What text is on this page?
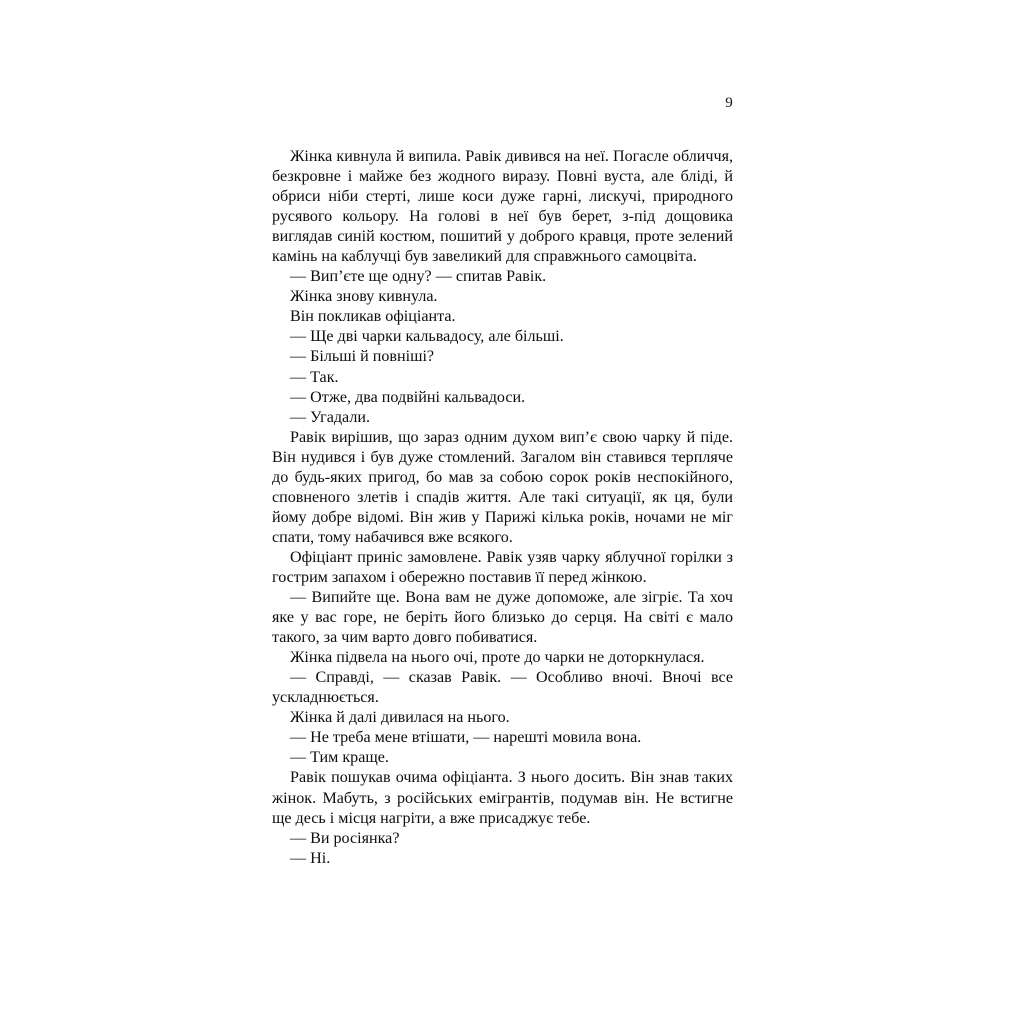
9

Жінка кивнула й випила. Равік дивився на неї. Погасле обличчя, безкровне і майже без жодного виразу. Повні вуста, але бліді, й обриси ніби стерті, лише коси дуже гарні, лискучі, природного русявого кольору. На голові в неї був берет, з-під дощовика виглядав синій костюм, пошитий у доброго кравця, проте зелений камінь на каблучці був завеликий для справжнього самоцвіта.

— Вип’єте ще одну? — спитав Равік.

Жінка знову кивнула.

Він покликав офіціанта.

— Ще дві чарки кальвадосу, але більші.

— Більші й повніші?

— Так.

— Отже, два подвійні кальвадоси.

— Угадали.

Равік вирішив, що зараз одним духом вип’є свою чарку й піде. Він нудився і був дуже стомлений. Загалом він ставився терпляче до будь-яких пригод, бо мав за собою сорок років неспокійного, сповненого злетів і спадів життя. Але такі ситуації, як ця, були йому добре відомі. Він жив у Парижі кілька років, ночами не міг спати, тому набачився вже всякого.

Офіціант приніс замовлене. Равік узяв чарку яблучної горілки з гострим запахом і обережно поставив її перед жінкою.

— Випийте ще. Вона вам не дуже допоможе, але зігріє. Та хоч яке у вас горе, не беріть його близько до серця. На світі є мало такого, за чим варто довго побиватися.

Жінка підвела на нього очі, проте до чарки не доторкнулася.

— Справді, — сказав Равік. — Особливо вночі. Вночі все ускладнюється.

Жінка й далі дивилася на нього.

— Не треба мене втішати, — нарешті мовила вона.

— Тим краще.

Равік пошукав очима офіціанта. З нього досить. Він знав таких жінок. Мабуть, з російських емігрантів, подумав він. Не встигне ще десь і місця нагріти, а вже присаджує тебе.

— Ви росіянка?

— Ні.
